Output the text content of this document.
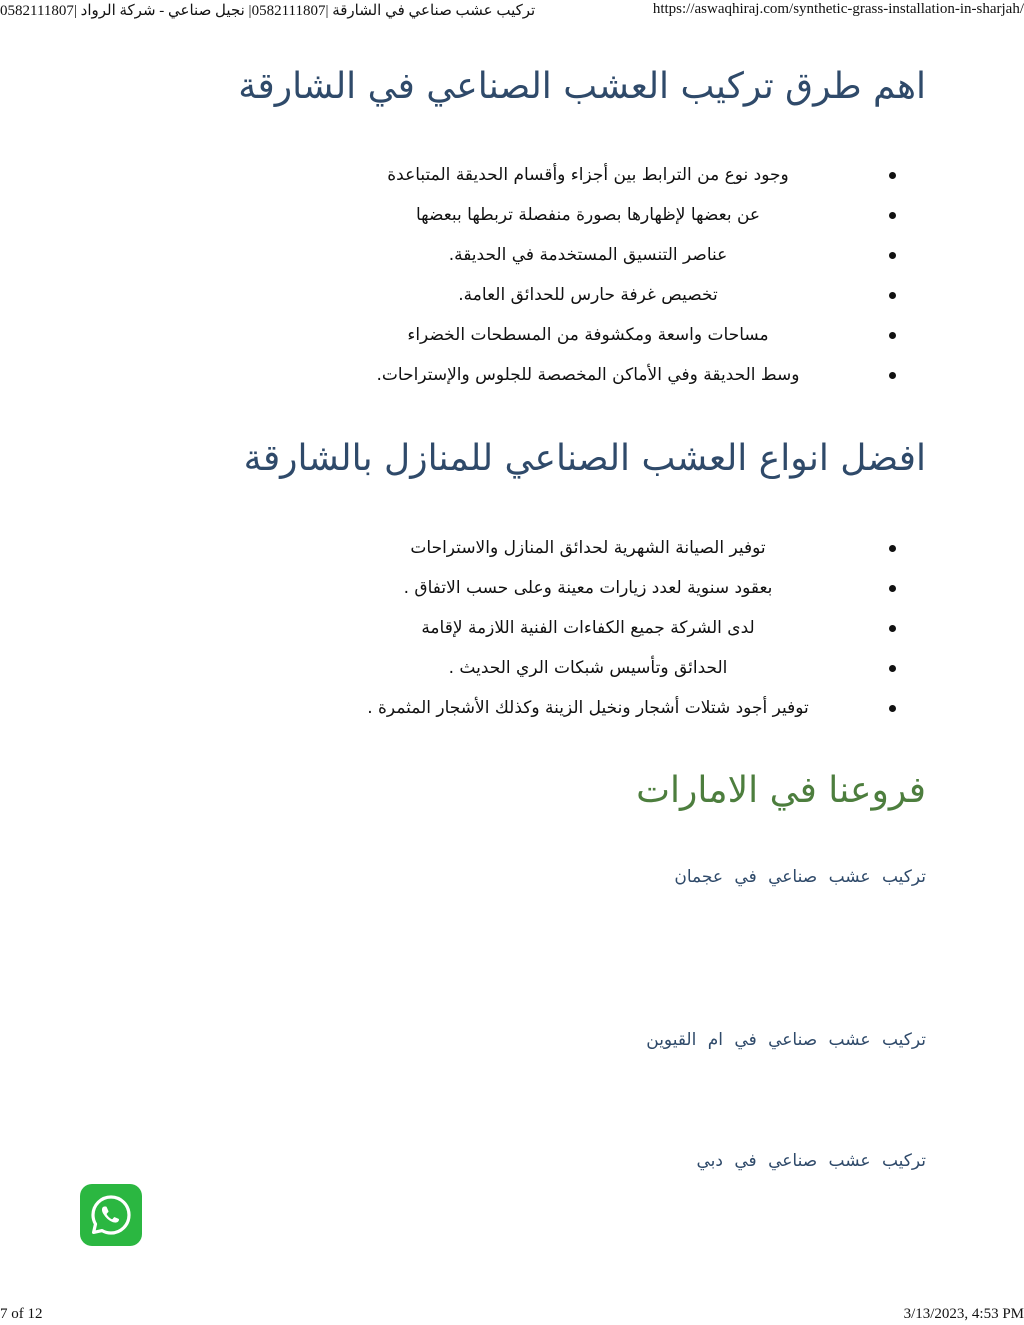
تركيب عشب صناعي في الشارقة |0582111807| نجيل صناعي - شركة الرواد |0582111807	https://aswaqhiraj.com/synthetic-grass-installation-in-sharjah/
اهم طرق تركيب العشب الصناعي في الشارقة
وجود نوع من الترابط بين أجزاء وأقسام الحديقة المتباعدة
عن بعضها لإظهارها بصورة منفصلة تربطها ببعضها
عناصر التنسيق المستخدمة في الحديقة.
تخصيص غرفة حارس للحدائق العامة.
مساحات واسعة ومكشوفة من المسطحات الخضراء
وسط الحديقة وفي الأماكن المخصصة للجلوس والإستراحات.
افضل انواع العشب الصناعي للمنازل بالشارقة
توفير الصيانة الشهرية لحدائق المنازل والاستراحات
بعقود سنوية لعدد زيارات معينة وعلى حسب الاتفاق .
لدى الشركة جميع الكفاءات الفنية اللازمة لإقامة
الحدائق وتأسيس شبكات الري الحديث .
توفير أجود شتلات أشجار ونخيل الزينة وكذلك الأشجار المثمرة .
فروعنا في الامارات
تركيب عشب صناعي في عجمان
تركيب عشب صناعي في ام القيوين
تركيب عشب صناعي في دبي
7 of 12	3/13/2023, 4:53 PM
